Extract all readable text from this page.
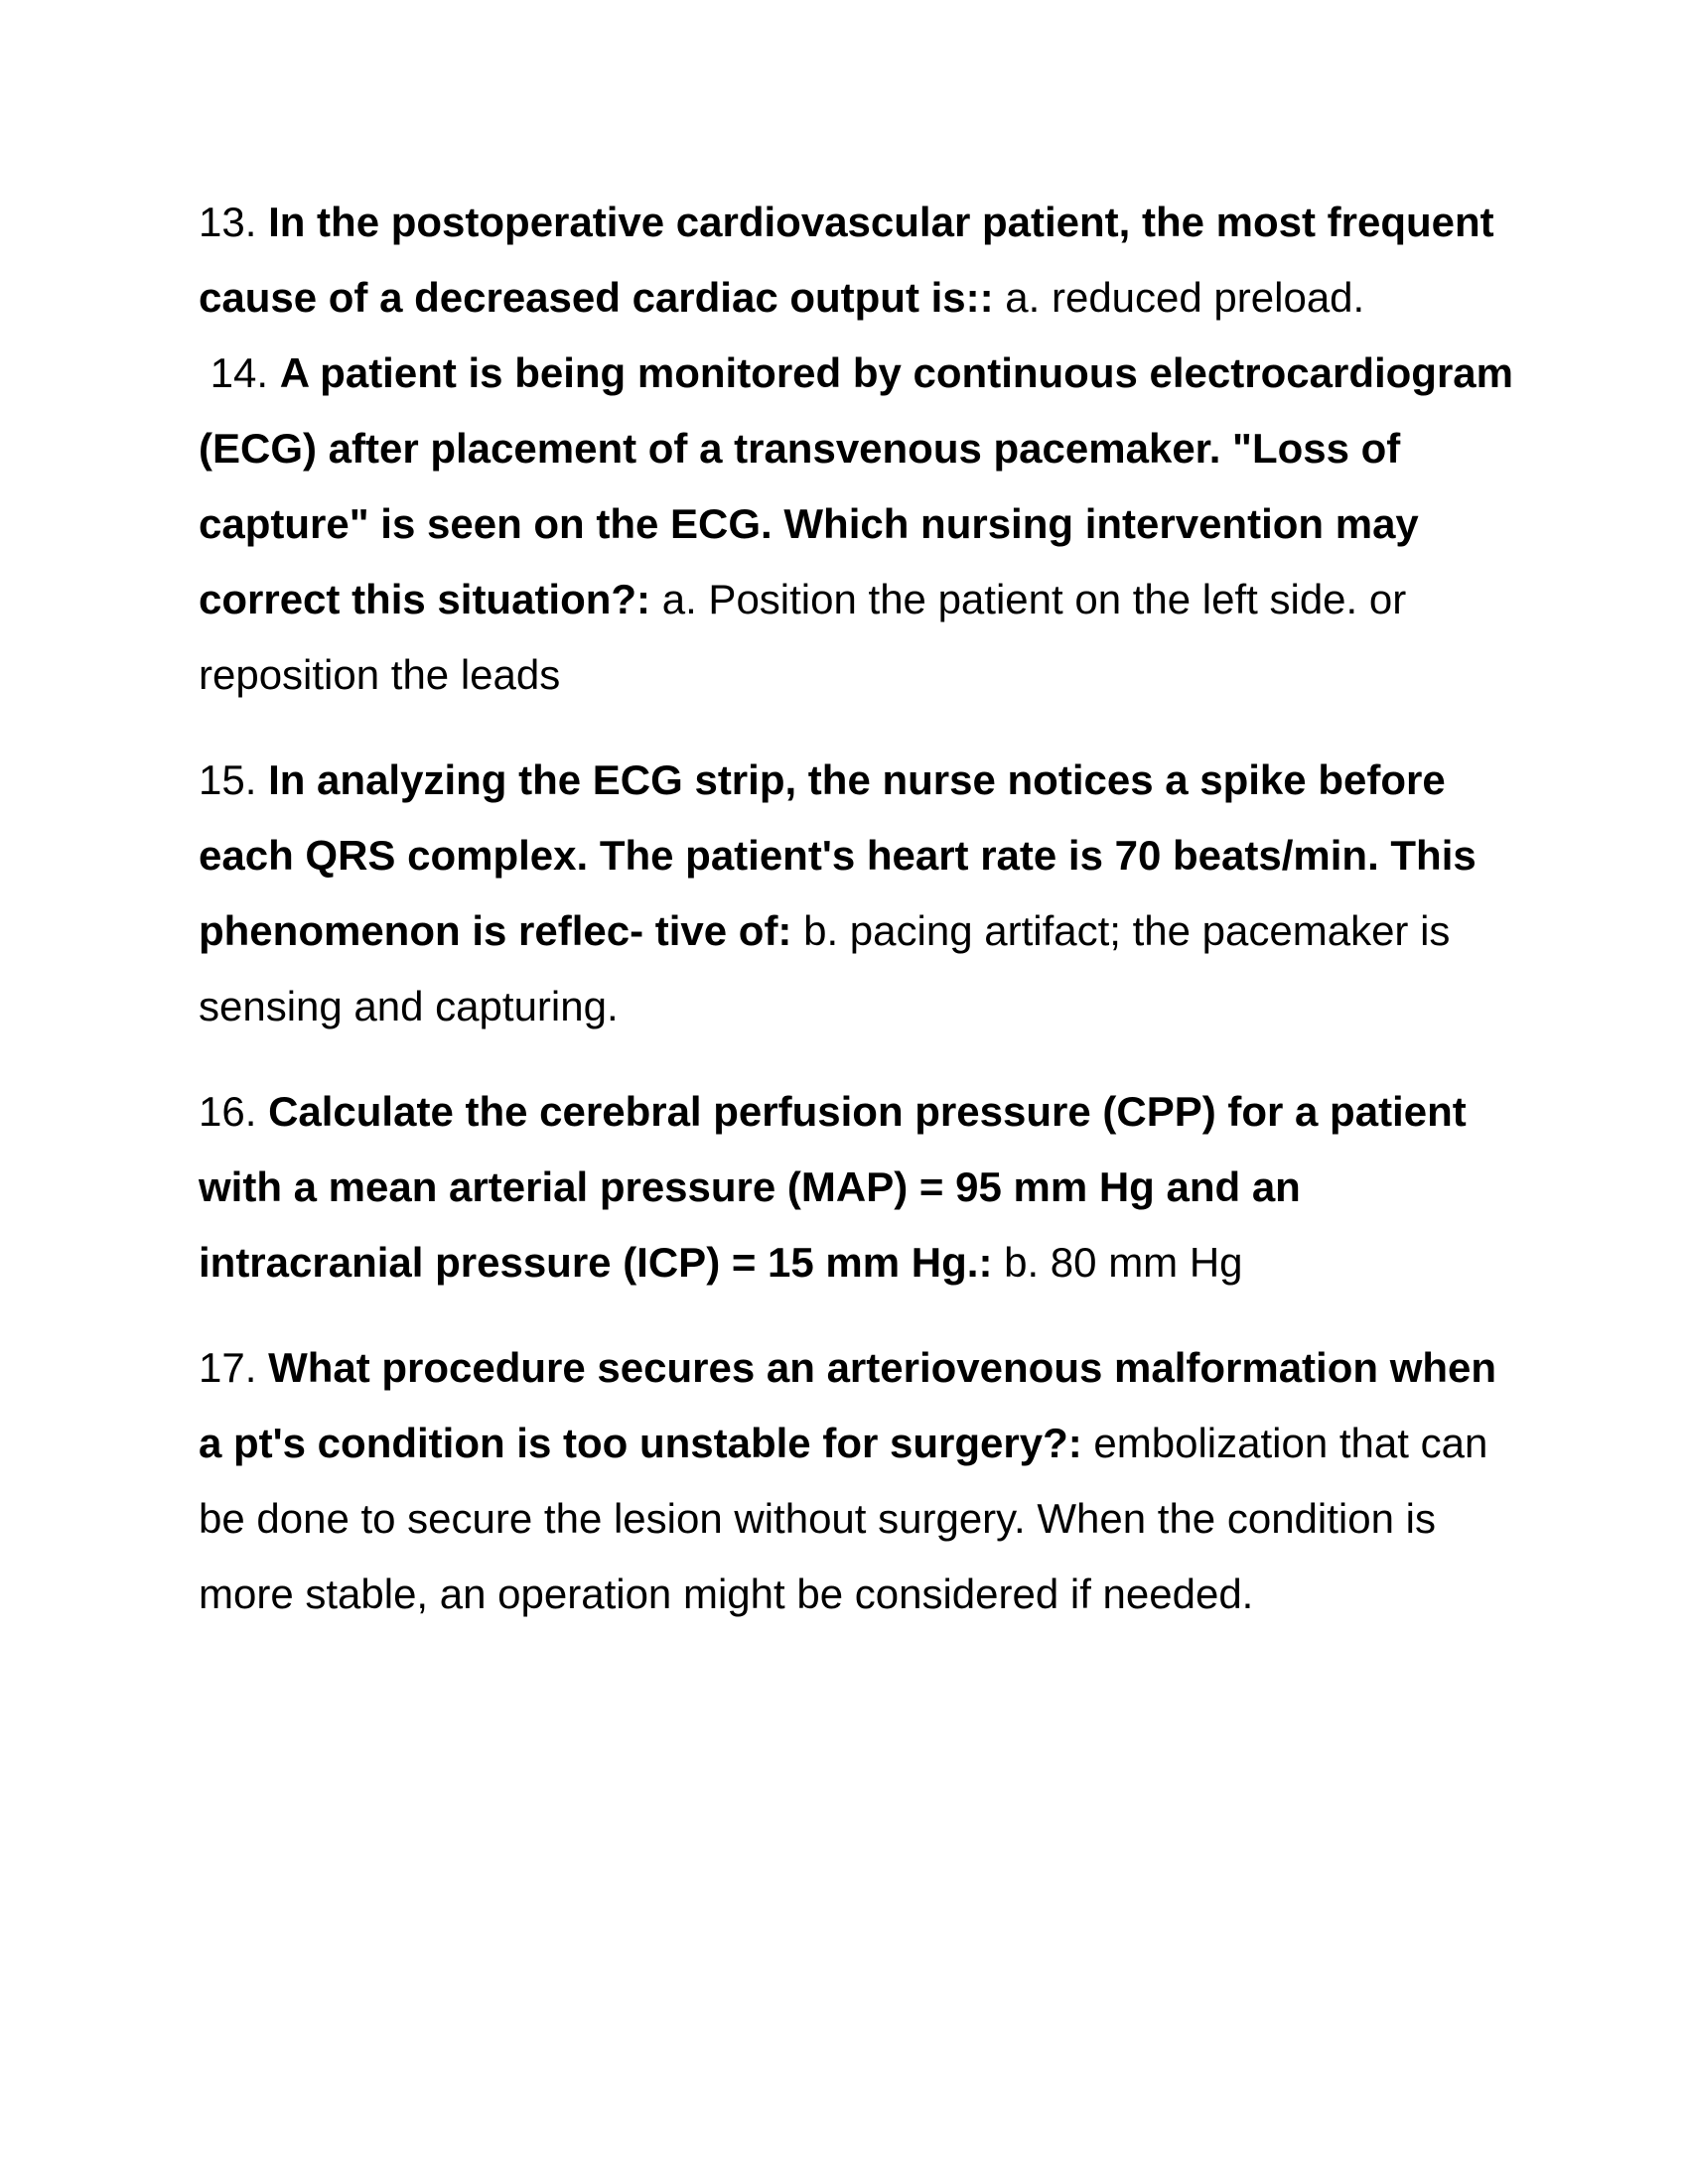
13. In the postoperative cardiovascular patient, the most frequent cause of a decreased cardiac output is:: a. reduced preload.

14. A patient is being monitored by continuous electrocardiogram (ECG) after placement of a transvenous pacemaker. "Loss of capture" is seen on the ECG. Which nursing intervention may correct this situation?: a. Position the patient on the left side. or reposition the leads

15. In analyzing the ECG strip, the nurse notices a spike before each QRS complex. The patient's heart rate is 70 beats/min. This phenomenon is reflec- tive of: b. pacing artifact; the pacemaker is sensing and capturing.

16. Calculate the cerebral perfusion pressure (CPP) for a patient with a mean arterial pressure (MAP) = 95 mm Hg and an intracranial pressure (ICP) = 15 mm Hg.: b. 80 mm Hg

17. What procedure secures an arteriovenous malformation when a pt's condition is too unstable for surgery?: embolization that can be done to secure the lesion without surgery. When the condition is more stable, an operation might be considered if needed.
